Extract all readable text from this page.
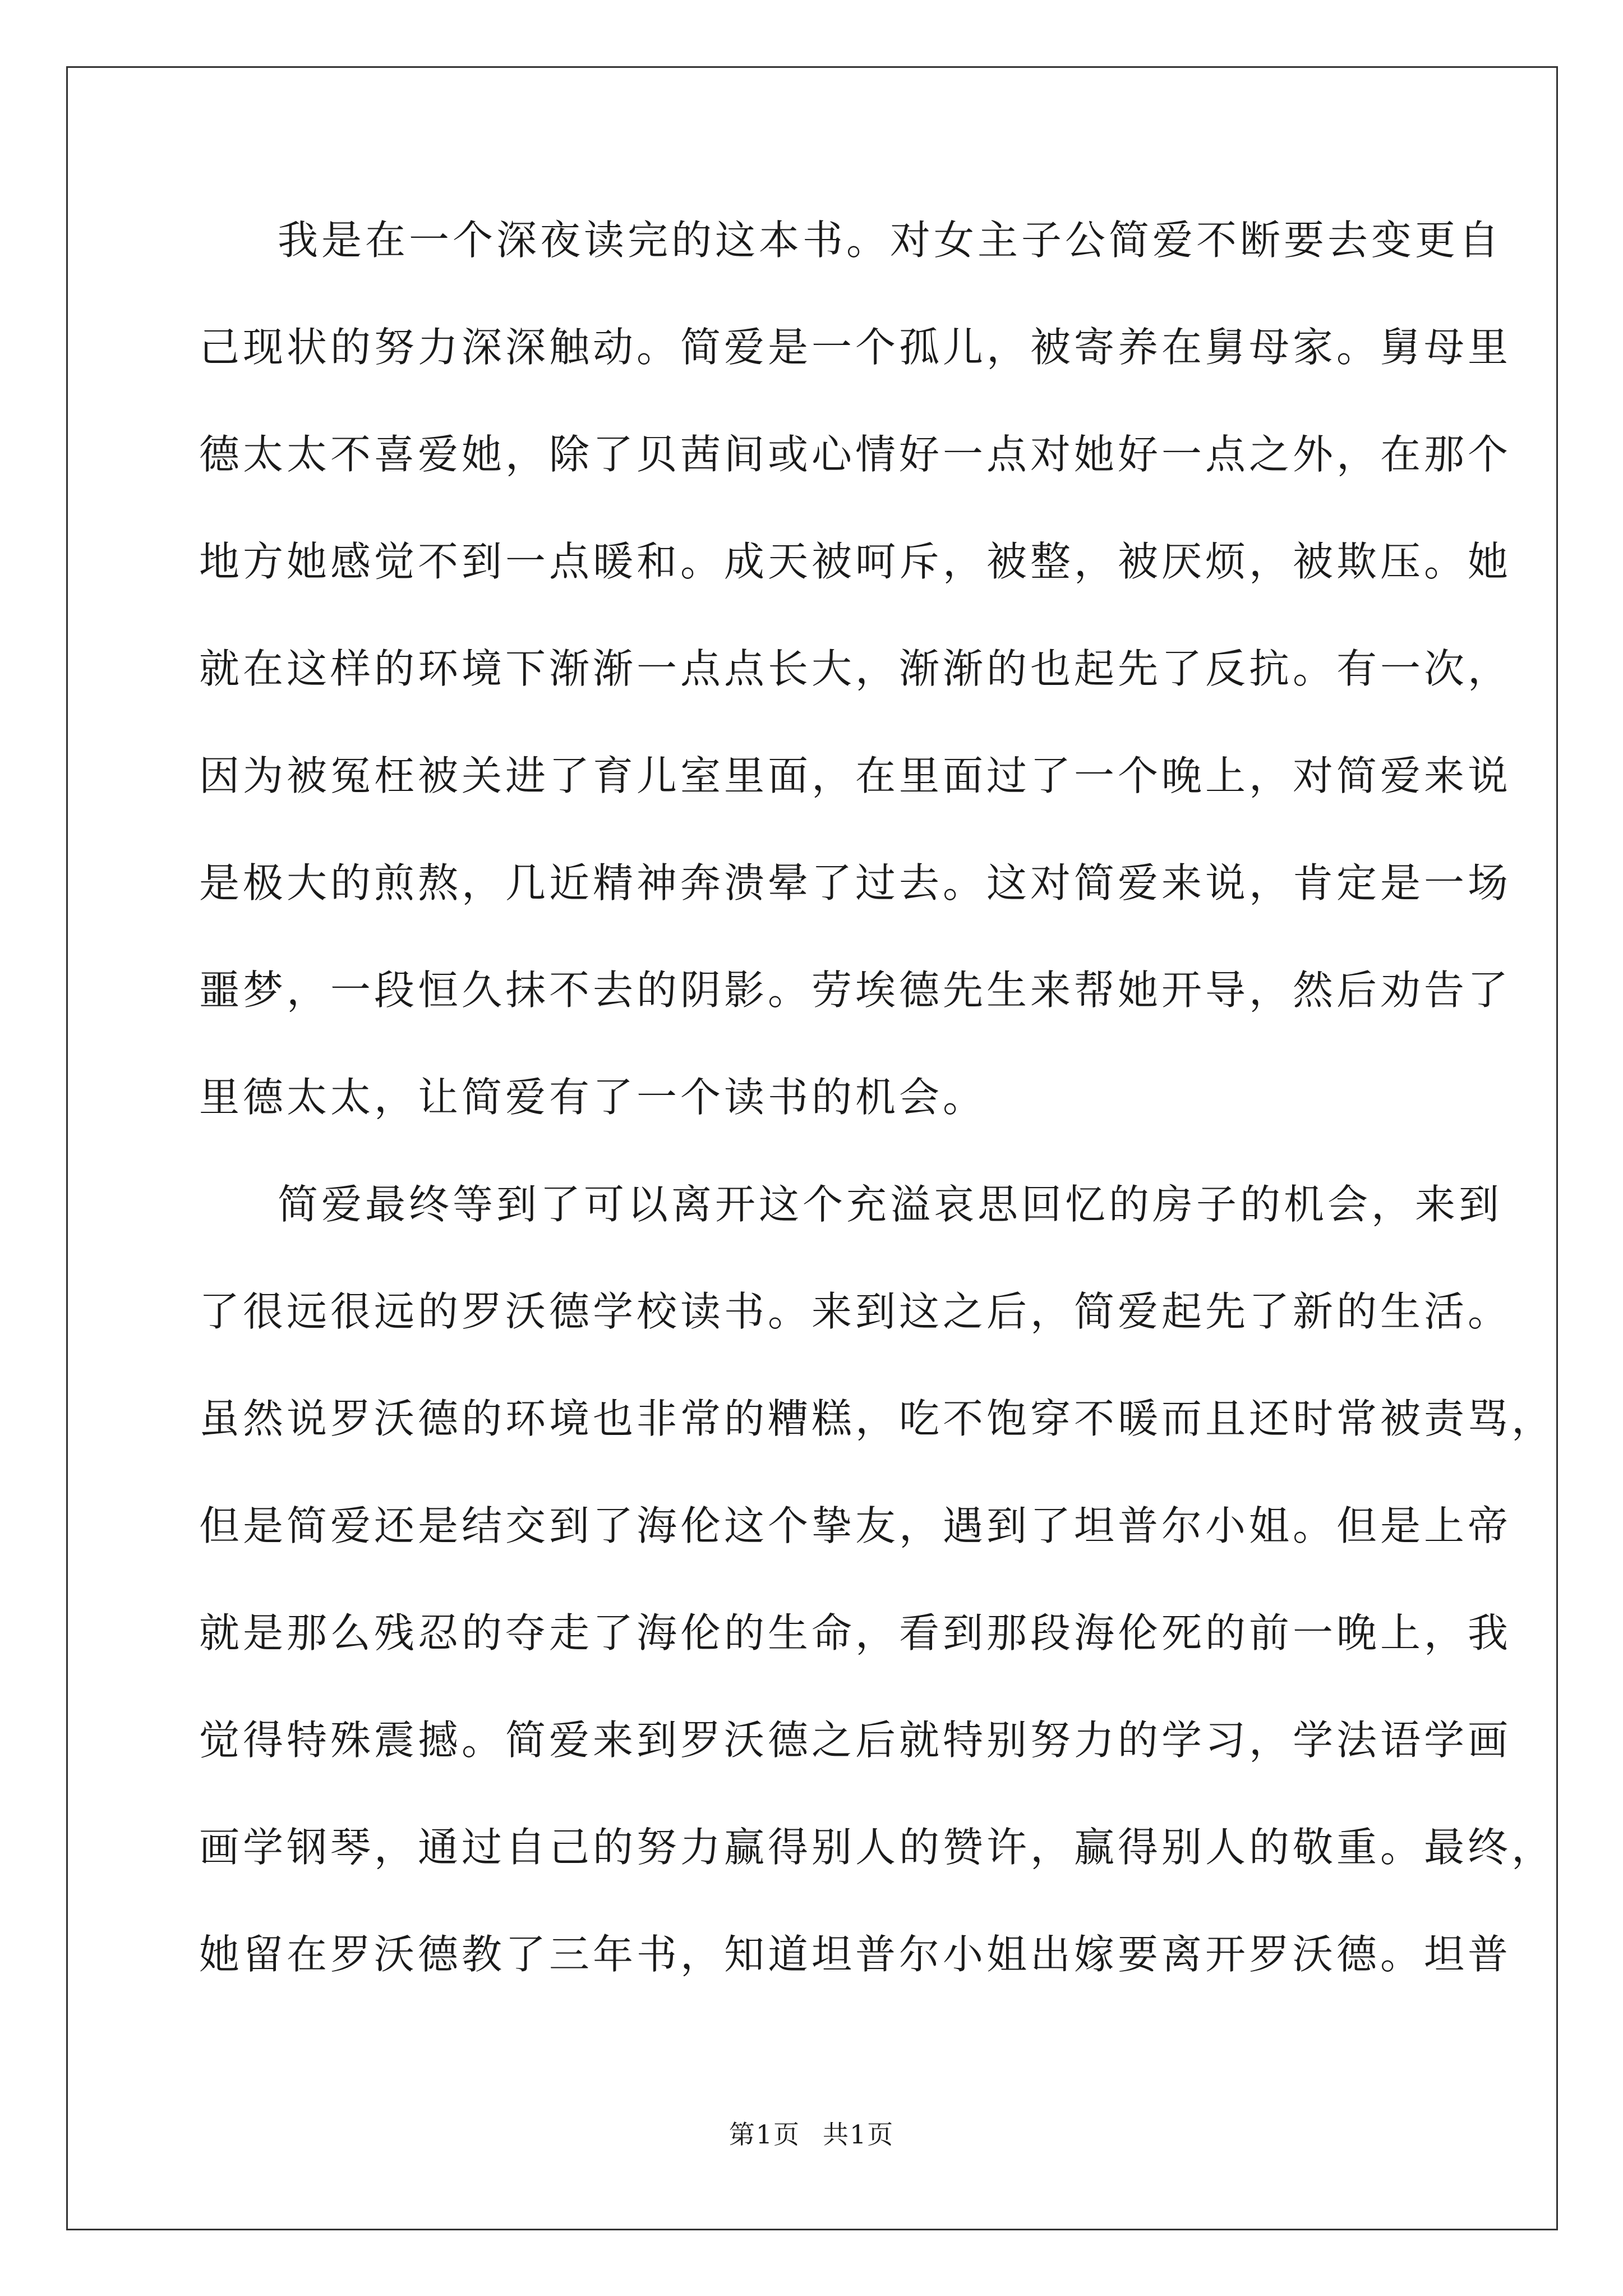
我是在一个深夜读完的这本书。对女主子公简爱不断要去变更自
己现状的努力深深触动。简爱是一个孤儿，被寄养在舅母家。舅母里
德太太不喜爱她，除了贝茜间或心情好一点对她好一点之外，在那个
地方她感觉不到一点暖和。成天被呵斥，被整，被厌烦，被欺压。她
就在这样的环境下渐渐一点点长大，渐渐的也起先了反抗。有一次，
因为被冤枉被关进了育儿室里面，在里面过了一个晚上，对简爱来说
是极大的煎熬，几近精神奔溃晕了过去。这对简爱来说，肯定是一场
噩梦，一段恒久抹不去的阴影。劳埃德先生来帮她开导，然后劝告了
里德太太，让简爱有了一个读书的机会。
简爱最终等到了可以离开这个充溢哀思回忆的房子的机会，来到
了很远很远的罗沃德学校读书。来到这之后，简爱起先了新的生活。
虽然说罗沃德的环境也非常的糟糕，吃不饱穿不暖而且还时常被责骂，
但是简爱还是结交到了海伦这个挚友，遇到了坦普尔小姐。但是上帝
就是那么残忍的夺走了海伦的生命，看到那段海伦死的前一晚上，我
觉得特殊震撼。简爱来到罗沃德之后就特别努力的学习，学法语学画
画学钢琴，通过自己的努力赢得别人的赞许，赢得别人的敬重。最终，
她留在罗沃德教了三年书，知道坦普尔小姐出嫁要离开罗沃德。坦普
第1页 共1页
